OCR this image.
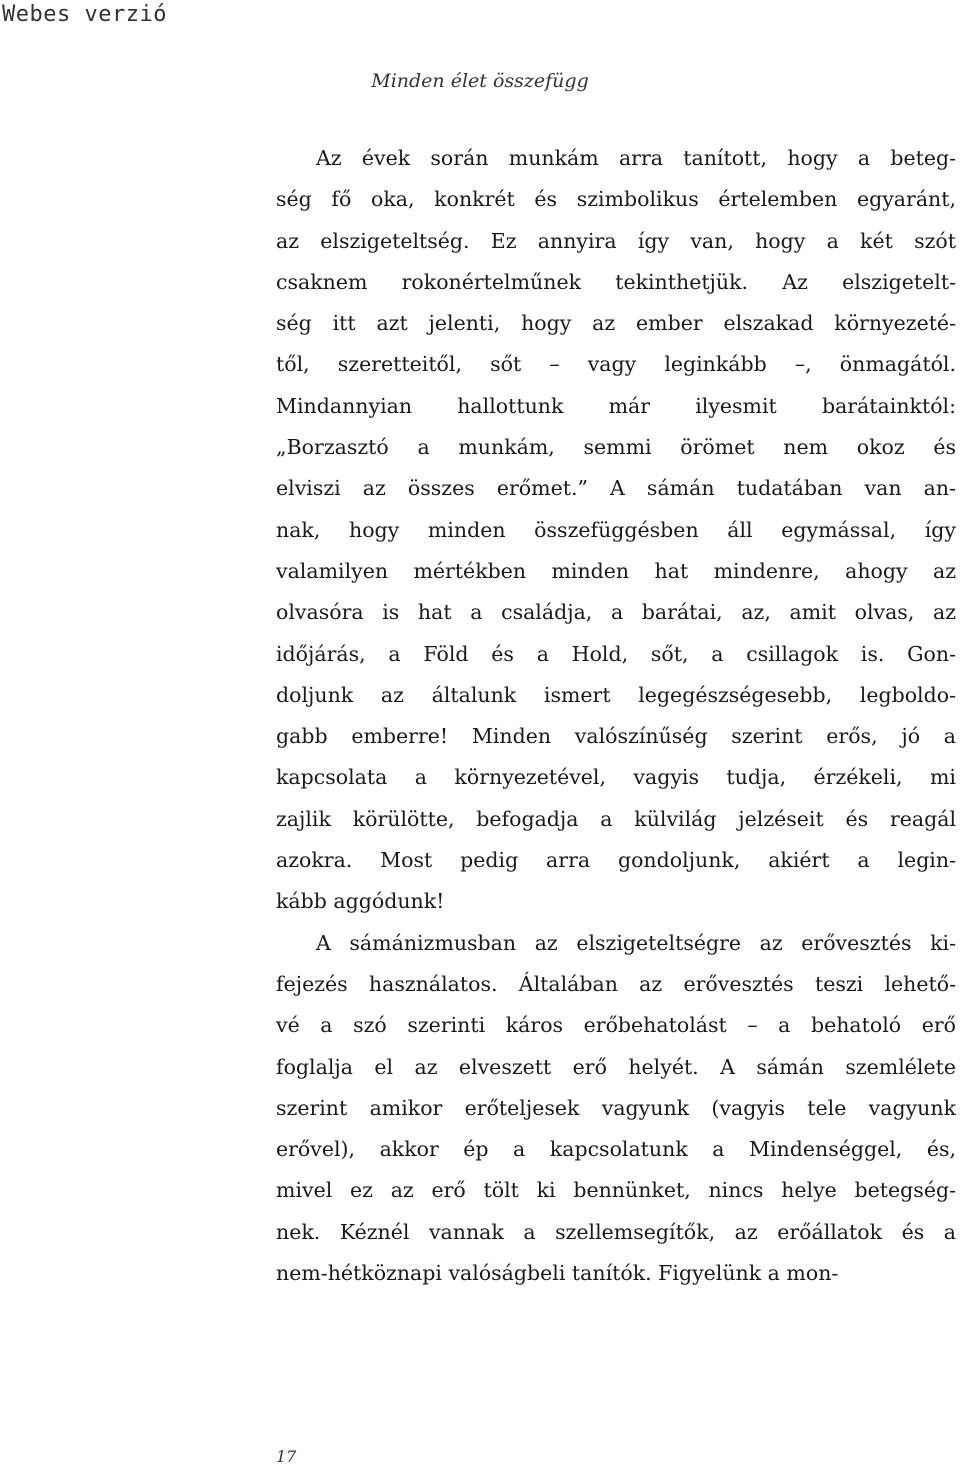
Webes verzió
Minden élet összefügg
Az évek során munkám arra tanított, hogy a beteg-
ség fő oka, konkrét és szimbolikus értelemben egyaránt,
az elszigeteltség. Ez annyira így van, hogy a két szót
csaknem rokonértelműnek tekinthetjük. Az elszigetelt-
ség itt azt jelenti, hogy az ember elszakad környezeté-
től, szeretteitől, sőt – vagy leginkább –, önmagától.
Mindannyian hallottunk már ilyesmit barátainktól:
„Borzasztó a munkám, semmi örömet nem okoz és
elviszi az összes erőmet.” A sámán tudatában van an-
nak, hogy minden összefüggésben áll egymással, így
valamilyen mértékben minden hat mindenre, ahogy az
olvasóra is hat a családja, a barátai, az, amit olvas, az
időjárás, a Föld és a Hold, sőt, a csillagok is. Gon-
doljunk az általunk ismert legegészségesebb, legboldo-
gabb emberre! Minden valószínűség szerint erős, jó a
kapcsolata a környezetével, vagyis tudja, érzékeli, mi
zajlik körülötte, befogadja a külvilág jelzéseit és reagál
azokra. Most pedig arra gondoljunk, akiért a legin-
kább aggódunk!
A sámánizmusban az elszigeteltségre az erővesztés ki-
fejezés használatos. Általában az erővesztés teszi lehető-
vé a szó szerinti káros erőbehatolást – a behatoló erő
foglalja el az elveszett erő helyét. A sámán szemlélete
szerint amikor erőteljesek vagyunk (vagyis tele vagyunk
erővel), akkor ép a kapcsolatunk a Mindenséggel, és,
mivel ez az erő tölt ki bennünket, nincs helye betegség-
nek. Kéznél vannak a szellemsegítők, az erőállatok és a
nem-hétköznapi valóságbeli tanítók. Figyelünk a mon-
17
